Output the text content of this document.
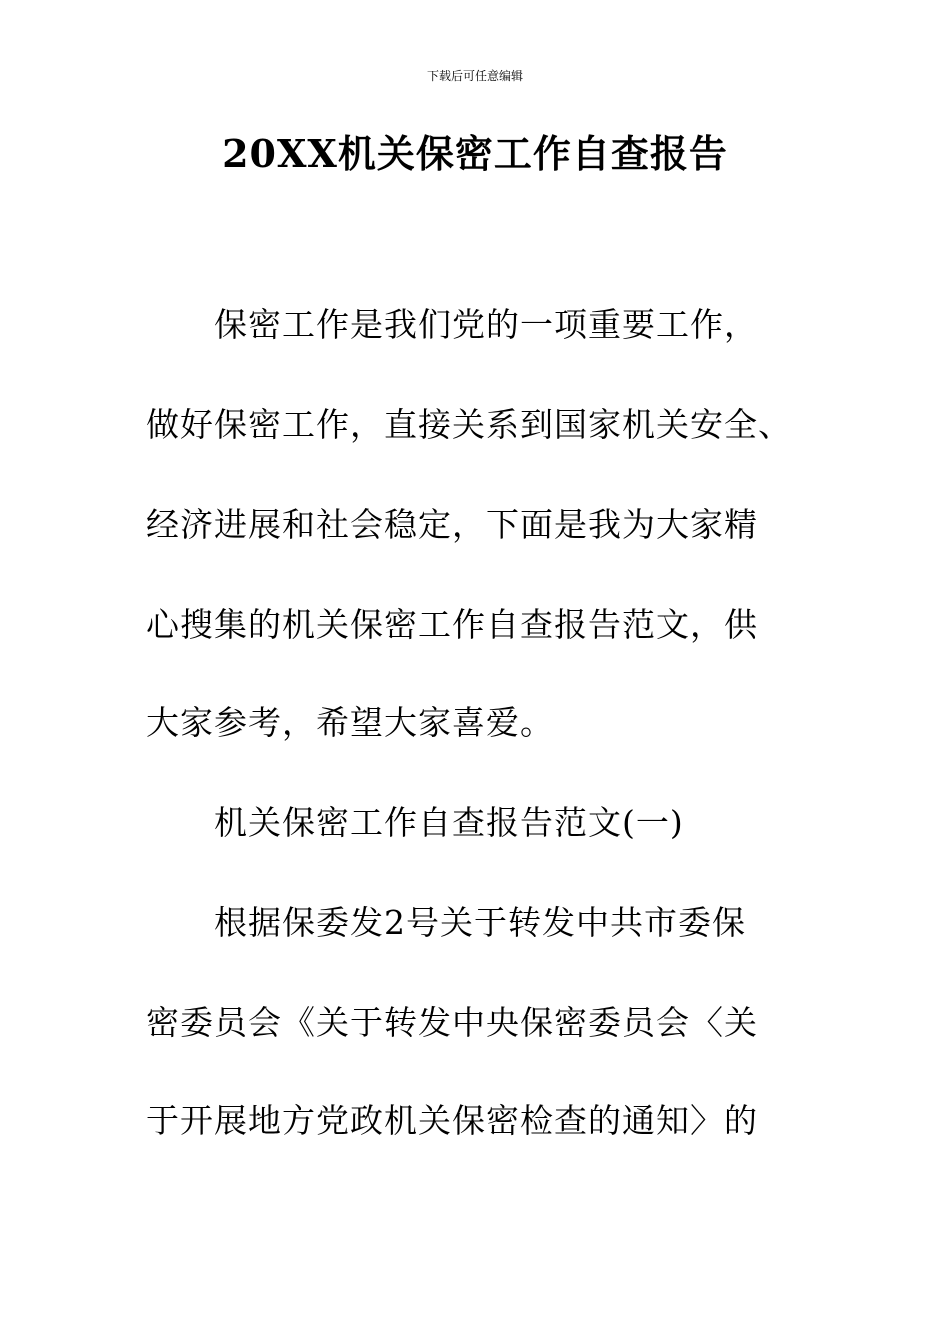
下载后可任意编辑
20XX机关保密工作自查报告
保密工作是我们党的一项重要工作，
做好保密工作，直接关系到国家机关安全、
经济进展和社会稳定，下面是我为大家精
心搜集的机关保密工作自查报告范文，供
大家参考，希望大家喜爱。
机关保密工作自查报告范文(一)
根据保委发2号关于转发中共市委保
密委员会《关于转发中央保密委员会〈关
于开展地方党政机关保密检查的通知〉的
